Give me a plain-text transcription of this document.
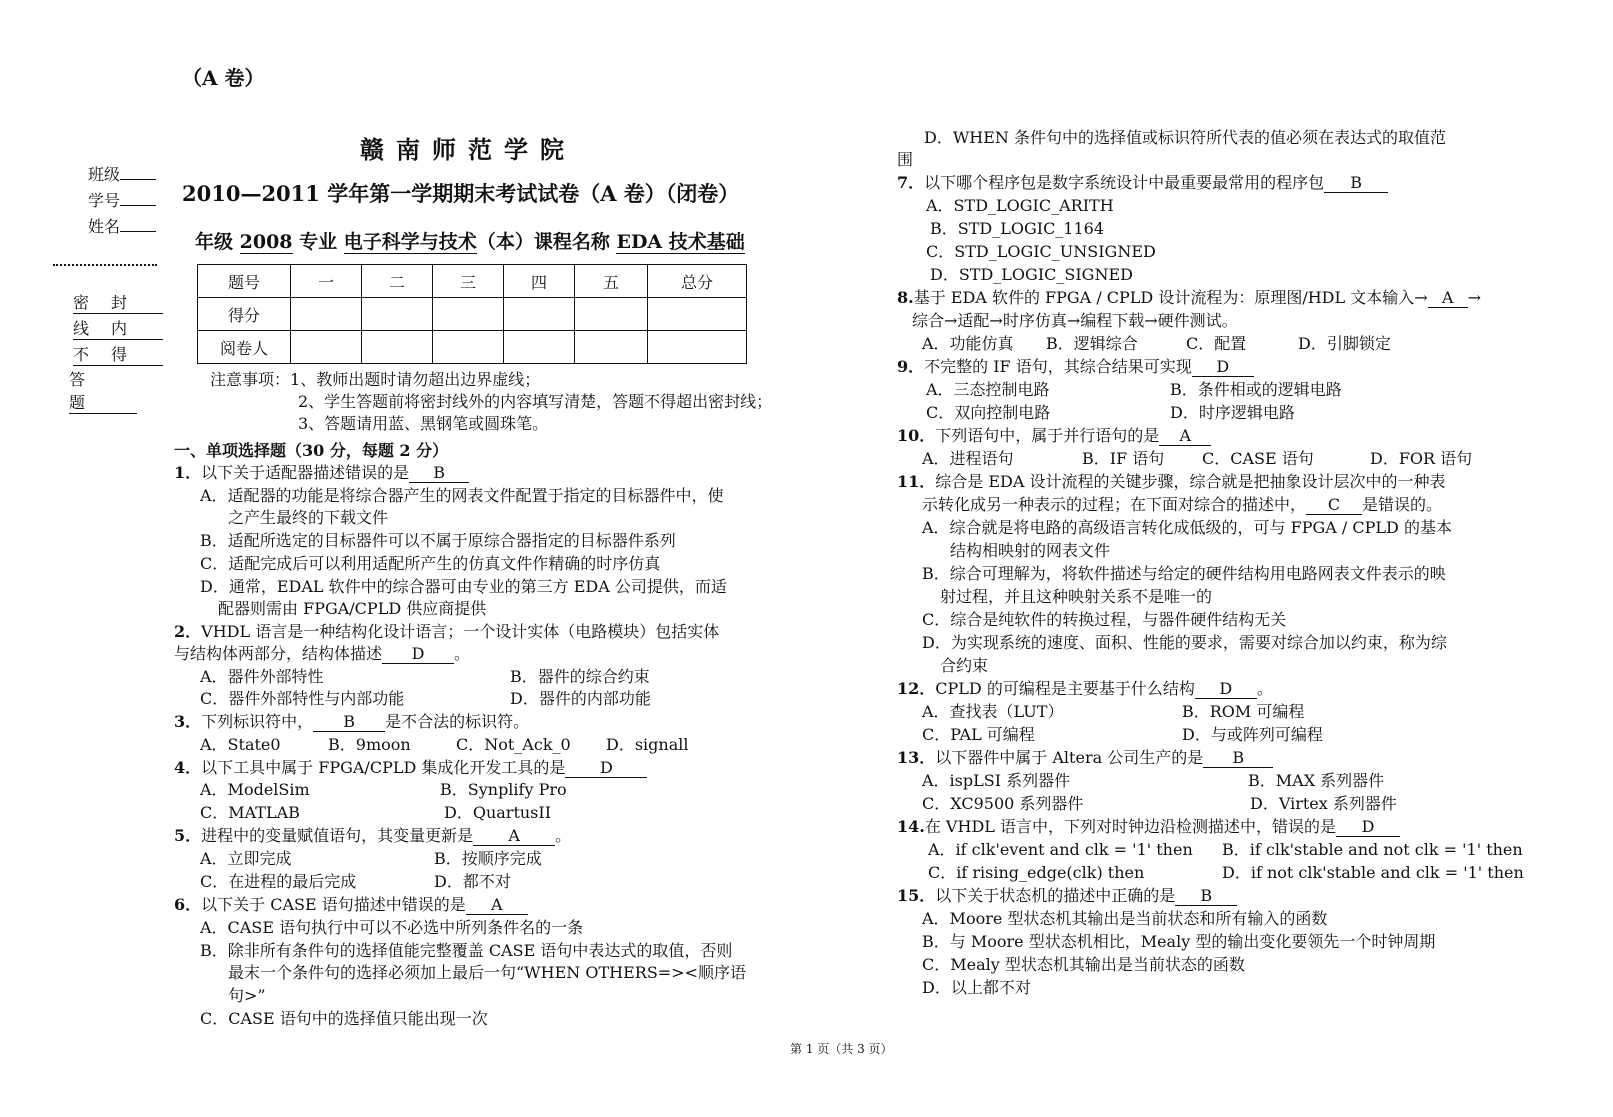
（A 卷）
赣南师范学院
2010—2011 学年第一学期期末考试试卷（A 卷）（闭卷）
年级 2008 专业 电子科学与技术（本）课程名称 EDA 技术基础
班级
学号
姓名
密封
线内
不得
答题
题号	一	二	三	四	五	总分
得分						
阅卷人						
注意事项：1、教师出题时请勿超出边界虚线；
2、学生答题前将密封线外的内容填写清楚，答题不得超出密封线；
3、答题请用蓝、黑钢笔或圆珠笔。
一、单项选择题（30 分，每题 2 分）
1．以下关于适配器描述错误的是 B
A．适配器的功能是将综合器产生的网表文件配置于指定的目标器件中，使
之产生最终的下载文件
B．适配所选定的目标器件可以不属于原综合器指定的目标器件系列
C．适配完成后可以利用适配所产生的仿真文件作精确的时序仿真
D．通常，EDAL 软件中的综合器可由专业的第三方 EDA 公司提供，而适
配器则需由 FPGA/CPLD 供应商提供
2．VHDL 语言是一种结构化设计语言；一个设计实体（电路模块）包括实体
与结构体两部分，结构体描述 D 。
A．器件外部特性	B．器件的综合约束
C．器件外部特性与内部功能	D．器件的内部功能
3．下列标识符中， B 是不合法的标识符。
A．State0	B．9moon	C．Not_Ack_0 D．signall
4．以下工具中属于 FPGA/CPLD 集成化开发工具的是 D
A．ModelSim	B．Synplify Pro
C．MATLAB	D．QuartusII
5．进程中的变量赋值语句，其变量更新是 A 。
A．立即完成	B．按顺序完成
C．在进程的最后完成	D．都不对
6．以下关于 CASE 语句描述中错误的是 A
A．CASE 语句执行中可以不必选中所列条件名的一条
B．除非所有条件句的选择值能完整覆盖 CASE 语句中表达式的取值，否则
最末一个条件句的选择必须加上最后一句“WHEN OTHERS=><顺序语
句>”
C．CASE 语句中的选择值只能出现一次
D．WHEN 条件句中的选择值或标识符所代表的值必须在表达式的取值范
围
7．以下哪个程序包是数字系统设计中最重要最常用的程序包 B
A．STD_LOGIC_ARITH
B．STD_LOGIC_1164
C．STD_LOGIC_UNSIGNED
D．STD_LOGIC_SIGNED
8.基于 EDA 软件的 FPGA / CPLD 设计流程为：原理图/HDL 文本输入→ A →
综合→适配→时序仿真→编程下载→硬件测试。
A．功能仿真 B．逻辑综合	C．配置	D．引脚锁定
9．不完整的 IF 语句，其综合结果可实现 D
A．三态控制电路	B．条件相或的逻辑电路
C．双向控制电路	D．时序逻辑电路
10．下列语句中，属于并行语句的是 A
A．进程语句	B．IF 语句 C．CASE 语句	D．FOR 语句
11．综合是 EDA 设计流程的关键步骤，综合就是把抽象设计层次中的一种表
示转化成另一种表示的过程；在下面对综合的描述中， C 是错误的。
A．综合就是将电路的高级语言转化成低级的，可与 FPGA / CPLD 的基本
结构相映射的网表文件
B．综合可理解为，将软件描述与给定的硬件结构用电路网表文件表示的映
射过程，并且这种映射关系不是唯一的
C．综合是纯软件的转换过程，与器件硬件结构无关
D．为实现系统的速度、面积、性能的要求，需要对综合加以约束，称为综
合约束
12．CPLD 的可编程是主要基于什么结构 D 。
A．查找表（LUT）	B．ROM 可编程
C．PAL 可编程	D．与或阵列可编程
13．以下器件中属于 Altera 公司生产的是 B
A．ispLSI 系列器件	B．MAX 系列器件
C．XC9500 系列器件	D．Virtex 系列器件
14.在 VHDL 语言中，下列对时钟边沿检测描述中，错误的是 D
A．if clk'event and clk = '1' then B．if clk'stable and not clk = '1' then
C．if rising_edge(clk) then	D．if not clk'stable and clk = '1' then
15．以下关于状态机的描述中正确的是 B
A．Moore 型状态机其输出是当前状态和所有输入的函数
B．与 Moore 型状态机相比，Mealy 型的输出变化要领先一个时钟周期
C．Mealy 型状态机其输出是当前状态的函数
D．以上都不对
第 1 页（共 3 页）
